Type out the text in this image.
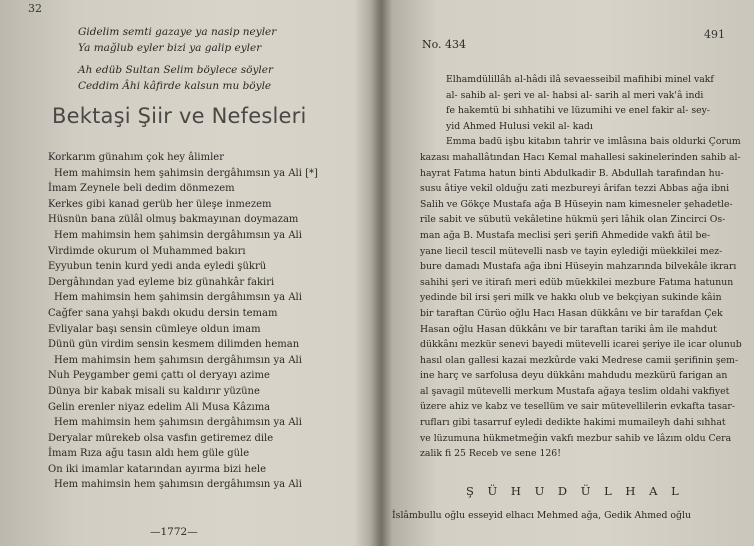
32
Gidelim semti gazaye ya nasip neyler
Ya mağlub eyler bizi ya galip eyler
Ah edüb Sultan Selim böylece söyler
Ceddim Âhi kâfirde kalsun mu böyle
Bektaşi Şiir ve Nefesleri
Korkarım günahım çok hey âlimler
Hem mahimsin hem şahimsin dergâhımsın ya Ali [*]
İmam Zeynele beli dedim dönmezem
Kerkes gibi kanad gerüb her üleşe inmezem
Hüsnün bana zülâl olmuş bakmayınan doymazam
Hem mahimsin hem şahimsin dergâhımsın ya Ali
Virdimde okurum ol Muhammed bakırı
Eyyubun tenin kurd yedi anda eyledi şükrü
Dergâhından yad eyleme biz günahkâr fakiri
Hem mahimsin hem şahimsin dergâhımsın ya Ali
Cağfer sana yahşi bakdı okudu dersin temam
Evliyalar başı sensin cümleye oldun imam
Dünü gün virdim sensin kesmem dilimden heman
Hem mahimsin hem şahımsın dergâhımsın ya Ali
Nuh Peygamber gemi çattı ol deryayı azime
Dünya bir kabak misali su kaldırır yüzüne
Gelin erenler niyaz edelim Ali Musa Kâzıma
Hem mahimsin hem şahımsın dergâhımsın ya Ali
Deryalar mürekeb olsa vasfın getiremez dile
İmam Rıza ağu tasın aldı hem güle güle
On iki imamlar katarından ayırma bizi hele
Hem mahimsin hem şahımsın dergâhımsın ya Ali
—1772—
491
No. 434
Elhamdülillâh al-hâdi ilâ sevaesseibil mafihibi minel vakf
al- sahib al- şeri ve al- habsi al- sarih al meri vak'â indi
fe hakemtü bi sıhhatihi ve lüzumihi ve enel fakir al- sey-
yid Ahmed Hulusi vekil al- kadı
Emma badü işbu kitabın tahrir ve imlâsına bais oldurki Çorum
kazası mahallâtından Hacı Kemal mahallesi sakinelerinden sahib al-
hayrat Fatıma hatun binti Abdulkadir B. Abdullah tarafından hu-
susu âtiye vekil olduğu zati mezbureyi ârifan tezzi Abbas ağa ibni
Salih ve Gökçe Mustafa ağa B Hüseyin nam kimesneler şehadetle-
rile sabit ve sübutü vekâletine hükmü şeri lâhik olan Zincirci Os-
man ağa B. Mustafa meclisi şeri şerifi Ahmedide vakfı âtil be-
yane liecil tescil mütevelli nasb ve tayin eylediği müekkilei mez-
bure damadı Mustafa ağa ibni Hüseyin mahzarında bilvekâle ikrarı
sahihi şeri ve itirafı meri edüb müekkilei mezbure Fatıma hatunun
yedinde bil irsi şeri milk ve hakkı olub ve bekçiyan sukinde kâin
bir taraftan Cürüo oğlu Hacı Hasan dükkânı ve bir tarafdan Çek
Hasan oğlu Hasan dükkânı ve bir taraftan tariki âm ile mahdut
dükkânı mezkür senevi bayedi mütevelli icarei şeriye ile icar olunub
hasıl olan gallesi kazai mezkûrde vaki Medrese camii şerifinin şem-
ine harç ve sarfolusa deyu dükkânı mahdudu mezkürü farigan an
al şavagil mütevelli merkum Mustafa ağaya teslim oldahi vakfiyet
üzere ahiz ve kabz ve tesellüm ve sair mütevellilerin evkafta tasar-
rufları gibi tasarruf eyledi dedikte hakimi mumaileyh dahi sıhhat
ve lüzumuna hükmetmeğin vakfı mezbur sahib ve lâzım oldu Cera
zalik fi 25 Receb ve sene 126!
Ş Ü H U D Ü L H A L
İslâmbullu oğlu esseyid elhacı Mehmed ağa, Gedik Ahmed oğlu
